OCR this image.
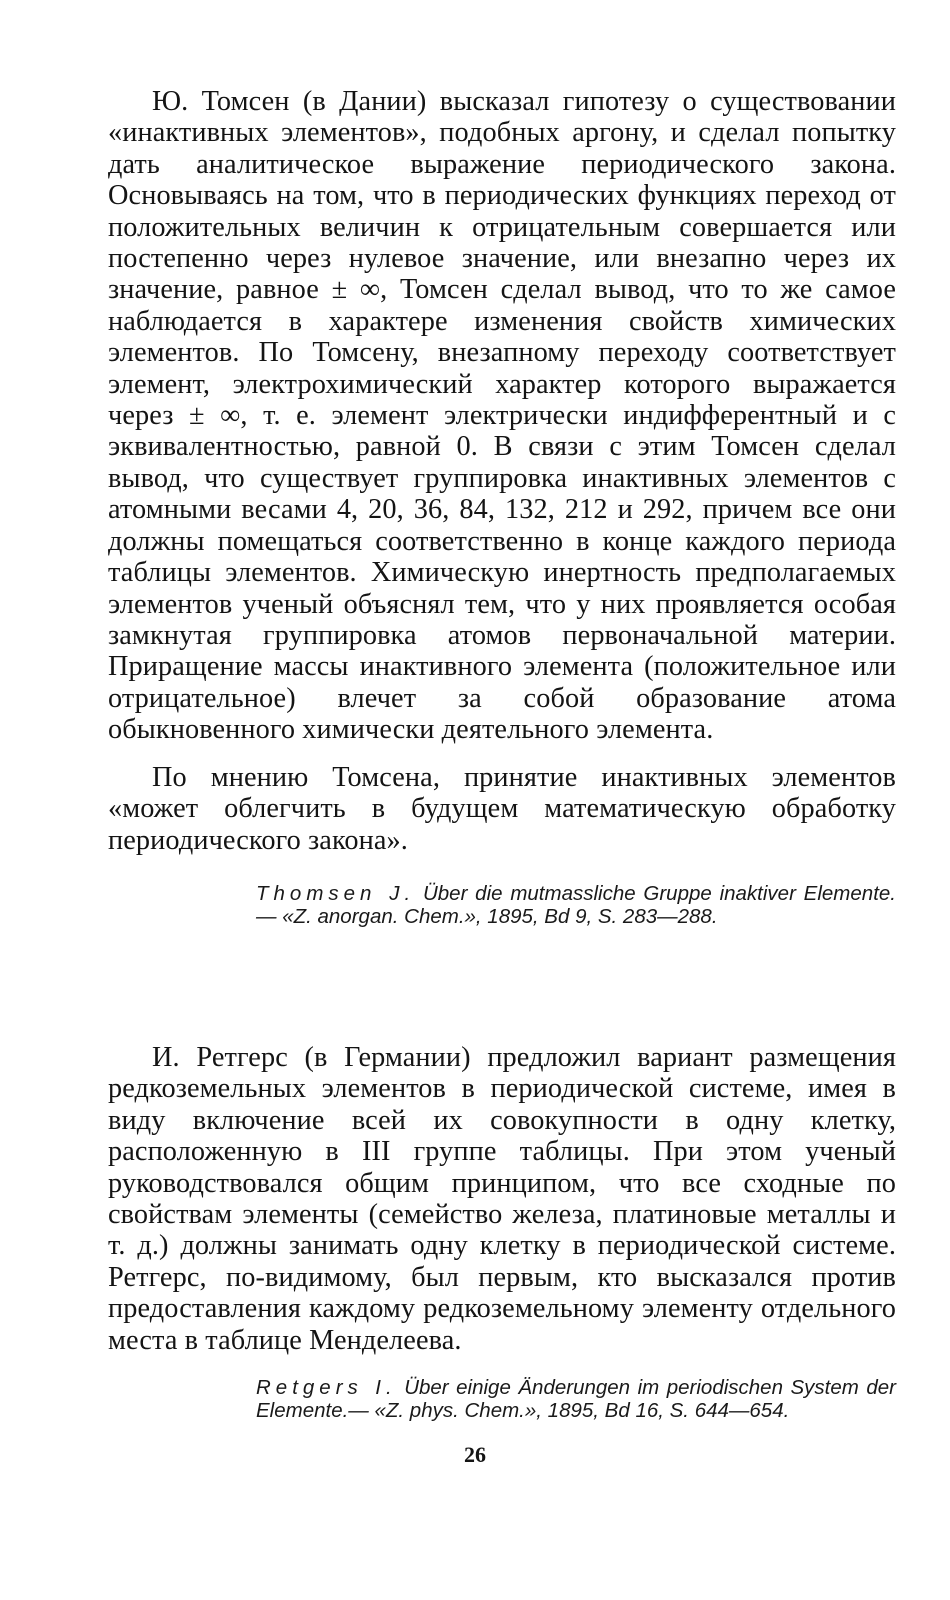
Ю. Томсен (в Дании) высказал гипотезу о существовании «инактивных элементов», подобных аргону, и сделал попытку дать аналитическое выражение периодического закона. Основываясь на том, что в периодических функциях переход от положительных величин к отрицательным совершается или постепенно через нулевое значение, или внезапно через их значение, равное ± ∞, Томсен сделал вывод, что то же самое наблюдается в характере изменения свойств химических элементов. По Томсену, внезапному переходу соответствует элемент, электрохимический характер которого выражается через ± ∞, т. е. элемент электрически индифферентный и с эквивалентностью, равной 0. В связи с этим Томсен сделал вывод, что существует группировка инактивных элементов с атомными весами 4, 20, 36, 84, 132, 212 и 292, причем все они должны помещаться соответственно в конце каждого периода таблицы элементов. Химическую инертность предполагаемых элементов ученый объяснял тем, что у них проявляется особая замкнутая группировка атомов первоначальной материи. Приращение массы инактивного элемента (положительное или отрицательное) влечет за собой образование атома обыкновенного химически деятельного элемента.

По мнению Томсена, принятие инактивных элементов «может облегчить в будущем математическую обработку периодического закона».

Thomsen J. Über die mutmassliche Gruppe inaktiver Elemente.— «Z. anorgan. Chem.», 1895, Bd 9, S. 283—288.

И. Ретгерс (в Германии) предложил вариант размещения редкоземельных элементов в периодической системе, имея в виду включение всей их совокупности в одну клетку, расположенную в III группе таблицы. При этом ученый руководствовался общим принципом, что все сходные по свойствам элементы (семейство железа, платиновые металлы и т. д.) должны занимать одну клетку в периодической системе. Ретгерс, по-видимому, был первым, кто высказался против предоставления каждому редкоземельному элементу отдельного места в таблице Менделеева.

Retgers I. Über einige Änderungen im periodischen System der Elemente.— «Z. phys. Chem.», 1895, Bd 16, S. 644—654.

26
